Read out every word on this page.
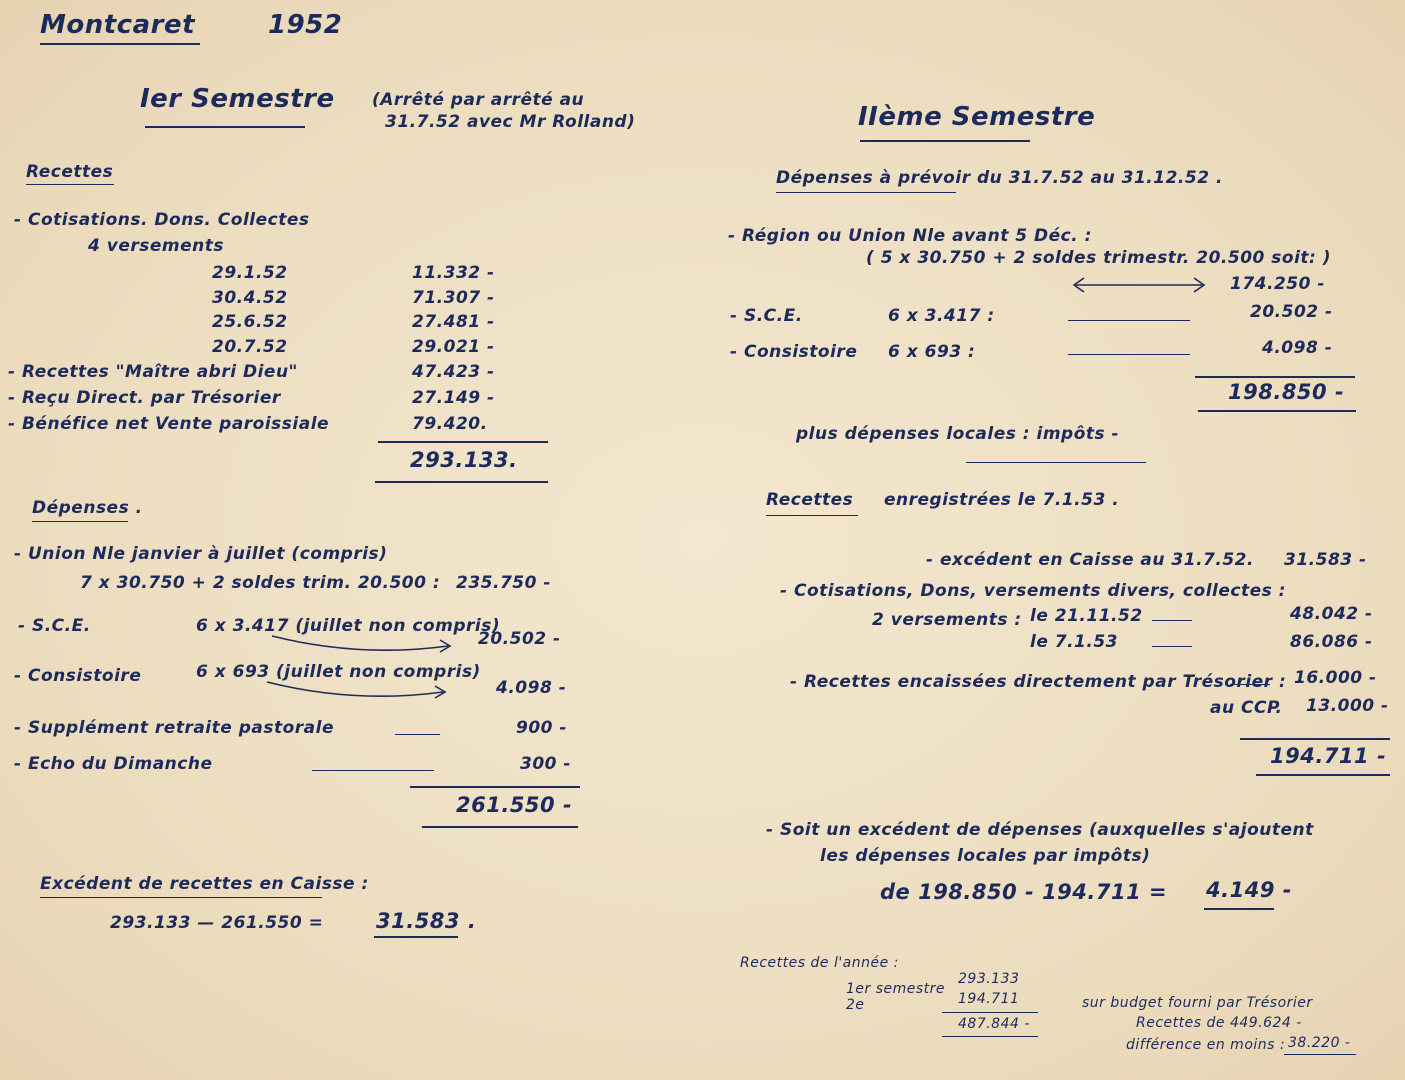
Montcaret	1952
Ier Semestre (Arrêté par arrêté au
31.7.52 avec Mr Rolland)
Recettes
- Cotisations. Dons. Collectes
4 versements
29.1.52	11.332 -
30.4.52	71.307 -
25.6.52	27.481 -
20.7.52	29.021 -
- Recettes "Maître abri Dieu"	47.423 -
- Reçu Direct. par Trésorier	27.149 -
- Bénéfice net Vente paroissiale	79.420.
293.133.
Dépenses .
- Union Nle janvier à juillet (compris)
7 x 30.750 + 2 soldes trim. 20.500 : 235.750 -
- S.C.E.	6 x 3.417 (juillet non compris)
20.502 -
- Consistoire	6 x 693 (juillet non compris)
4.098 -
- Supplément retraite pastorale	900 -
- Echo du Dimanche	300 -
261.550 -
Excédent de recettes en Caisse :
293.133 — 261.550 =	31.583 .
IIème Semestre
Dépenses à prévoir du 31.7.52 au 31.12.52 .
- Région ou Union Nle avant 5 Déc. :
( 5 x 30.750 + 2 soldes trimestr. 20.500 soit: )
174.250 -
- S.C.E.	6 x 3.417 :	20.502 -
- Consistoire 6 x 693 :	4.098 -
198.850 -
plus dépenses locales : impôts -
Recettes enregistrées le 7.1.53 .
- excédent en Caisse au 31.7.52. 31.583 -
- Cotisations, Dons, versements divers, collectes :
2 versements : le 21.11.52	48.042 -
le 7.1.53	86.086 -
- Recettes encaissées directement par Trésorier : 16.000 -
au CCP. 13.000 -
194.711 -
- Soit un excédent de dépenses (auxquelles s'ajoutent
les dépenses locales par impôts)
de 198.850 - 194.711 = 4.149 -
Recettes de l'année :
1er semestre
293.133
2e	194.711
487.844 -
sur budget fourni par Trésorier
Recettes de 449.624 -
différence en moins : 38.220 -
